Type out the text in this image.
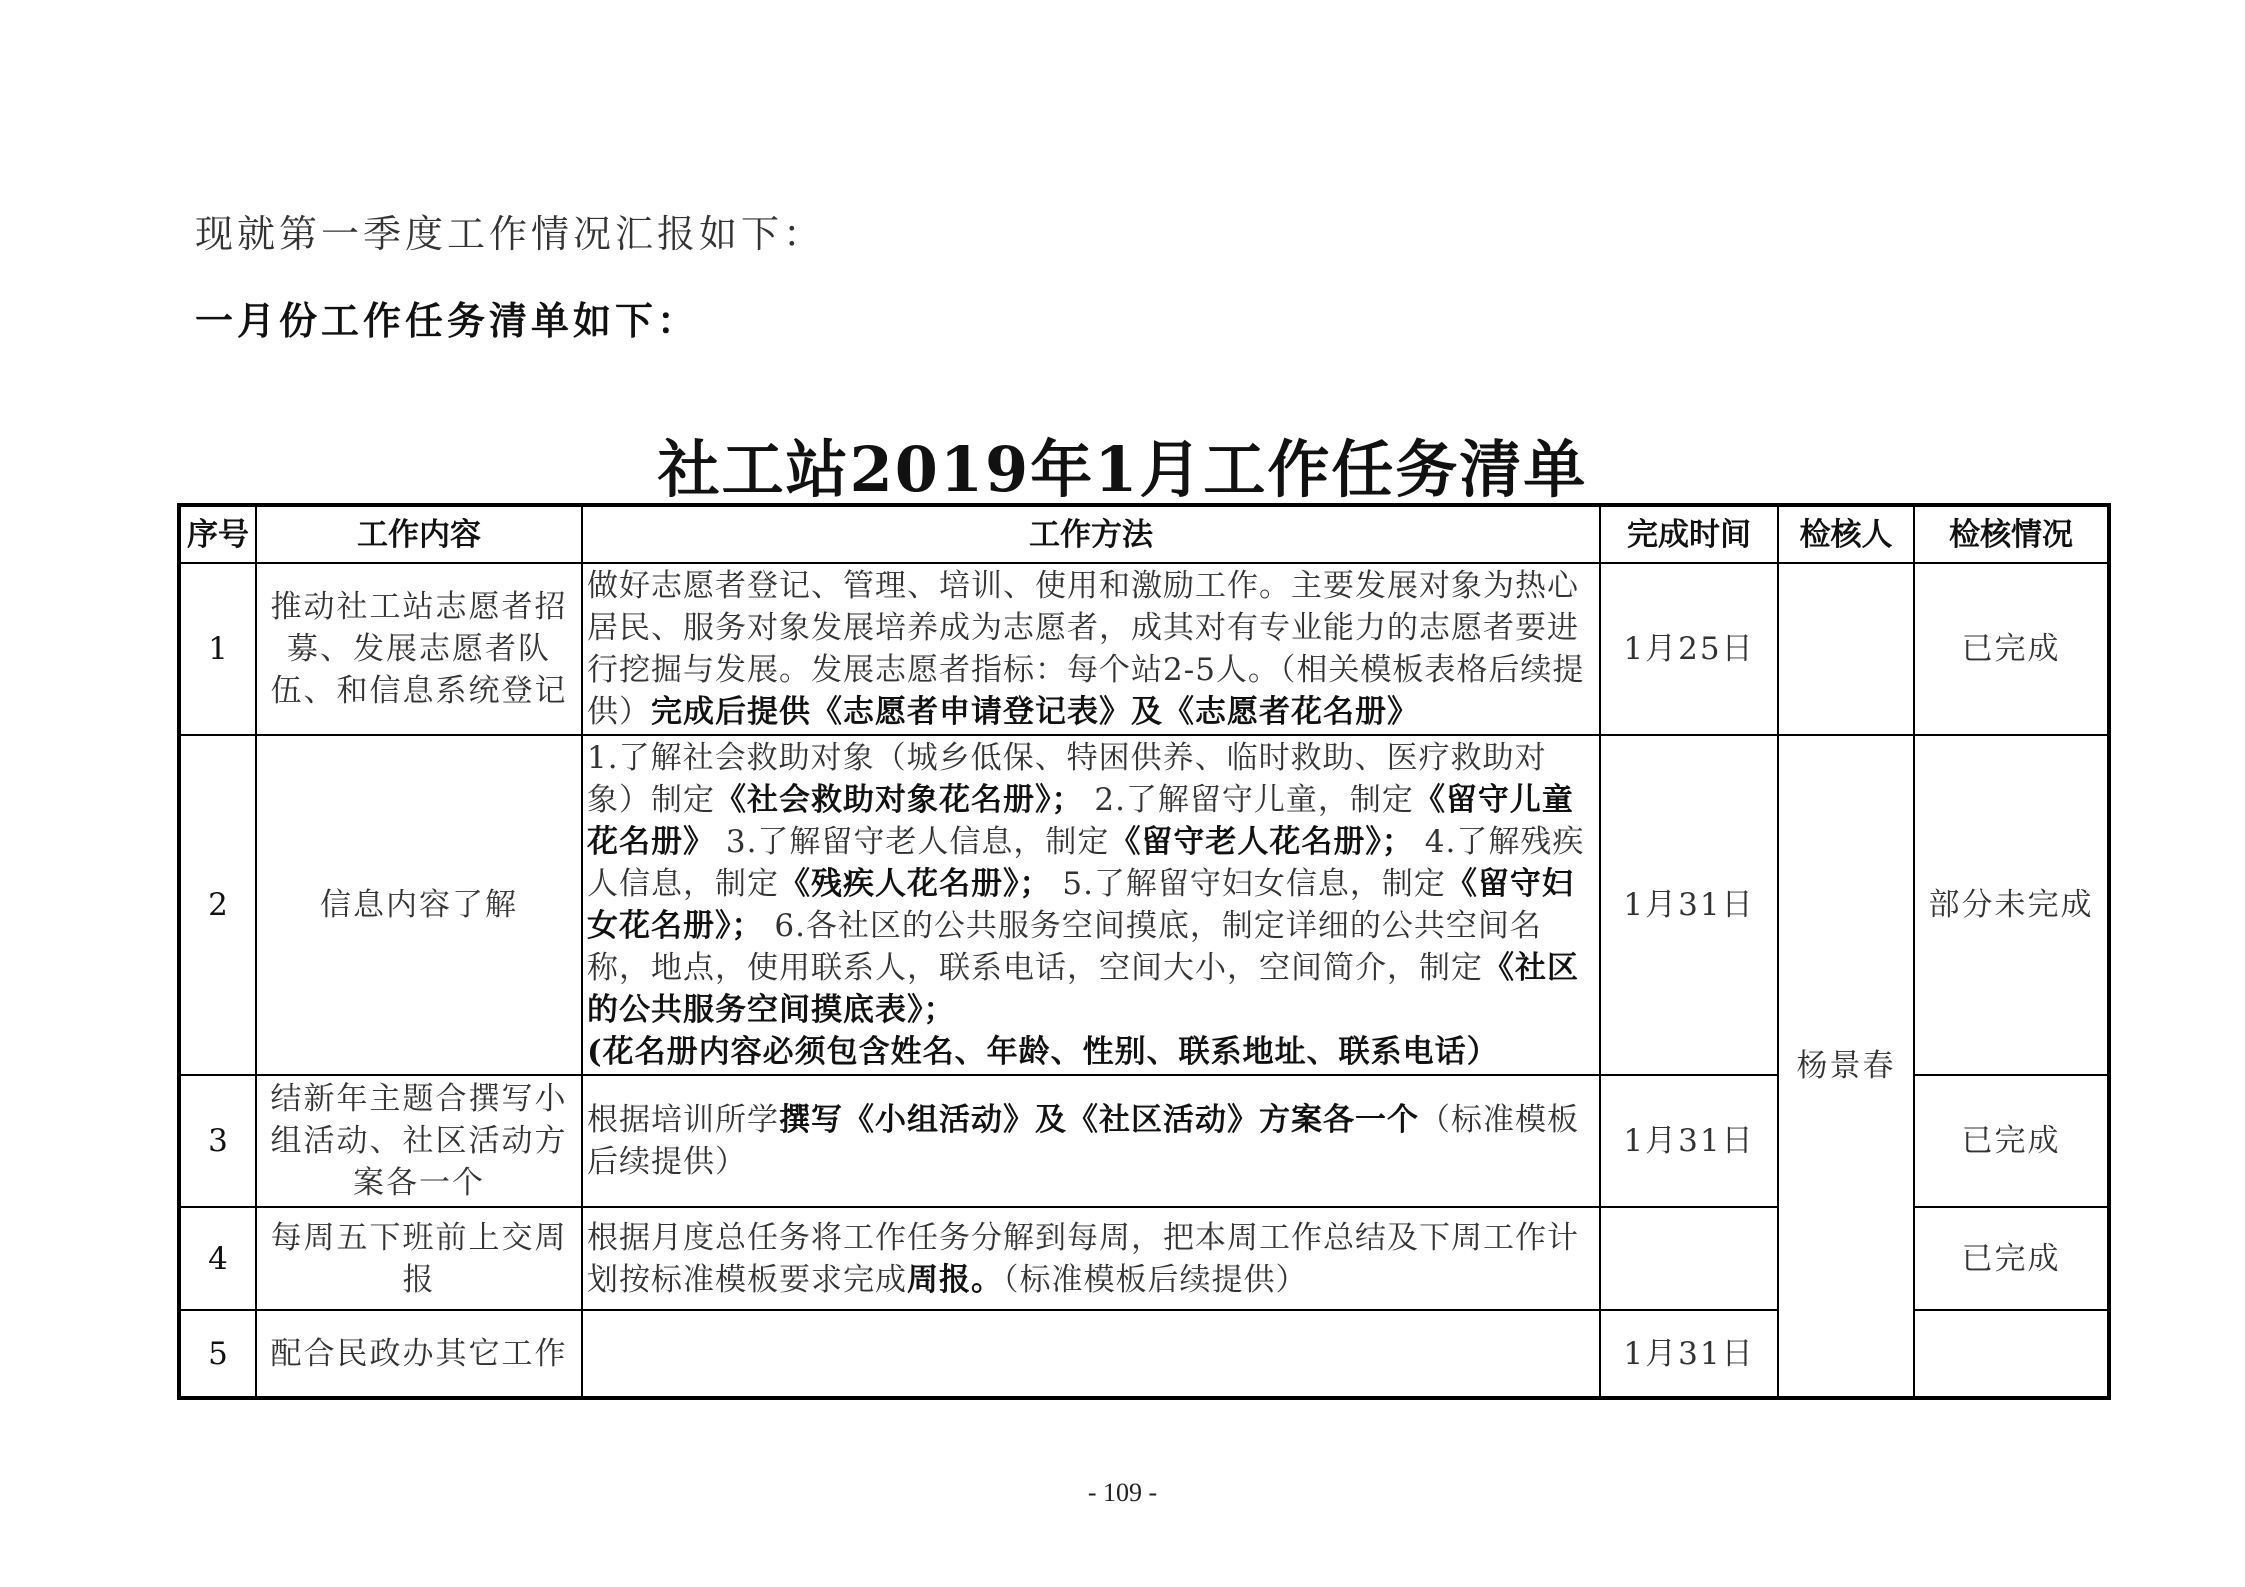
现就第一季度工作情况汇报如下：
一月份工作任务清单如下：
社工站2019年1月工作任务清单
序号	工作内容	工作方法	完成时间	检核人	检核情况
1	推动社工站志愿者招募、发展志愿者队伍、和信息系统登记	做好志愿者登记、管理、培训、使用和激励工作。主要发展对象为热心居民、服务对象发展培养成为志愿者，成其对有专业能力的志愿者要进行挖掘与发展。发展志愿者指标：每个站2-5人。（相关模板表格后续提供）完成后提供《志愿者申请登记表》及《志愿者花名册》	1月25日		已完成
2	信息内容了解	1.了解社会救助对象（城乡低保、特困供养、临时救助、医疗救助对象）制定《社会救助对象花名册》； 2.了解留守儿童，制定《留守儿童花名册》 3.了解留守老人信息，制定《留守老人花名册》； 4.了解残疾人信息，制定《残疾人花名册》； 5.了解留守妇女信息，制定《留守妇女花名册》； 6.各社区的公共服务空间摸底，制定详细的公共空间名称，地点，使用联系人，联系电话，空间大小，空间简介，制定《社区的公共服务空间摸底表》；
(花名册内容必须包含姓名、年龄、性别、联系地址、联系电话）	1月31日	杨景春	部分未完成
3	结新年主题合撰写小组活动、社区活动方案各一个	根据培训所学撰写《小组活动》及《社区活动》方案各一个（标准模板后续提供）	1月31日		已完成
4	每周五下班前上交周报	根据月度总任务将工作任务分解到每周，把本周工作总结及下周工作计划按标准模板要求完成周报。（标准模板后续提供）			已完成
5	配合民政办其它工作		1月31日		
- 109 -
